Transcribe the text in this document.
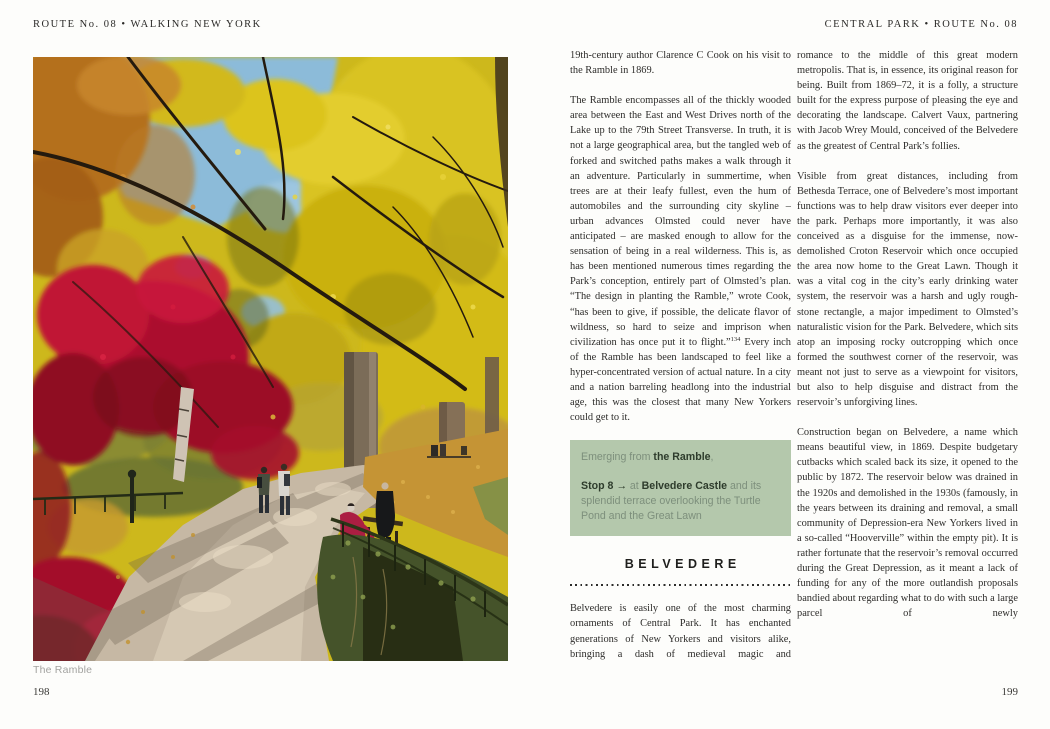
ROUTE No. 08 • WALKING NEW YORK	CENTRAL PARK • ROUTE No. 08
The Ramble
198	199

19th-century author Clarence C Cook on his visit to the Ramble in 1869.

The Ramble encompasses all of the thickly wooded area between the East and West Drives north of the Lake up to the 79th Street Transverse. In truth, it is not a large geographical area, but the tangled web of forked and switched paths makes a walk through it an adventure. Particularly in summertime, when trees are at their leafy fullest, even the hum of automobiles and the surrounding city skyline – urban advances Olmsted could never have anticipated – are masked enough to allow for the sensation of being in a real wilderness. This is, as has been mentioned numerous times regarding the Park’s conception, entirely part of Olmsted’s plan. “The design in planting the Ramble,” wrote Cook, “has been to give, if possible, the delicate flavor of wildness, so hard to seize and imprison when civilization has once put it to flight.”$^{134}$ Every inch of the Ramble has been landscaped to feel like a hyper-concentrated version of actual nature. In a city and a nation barreling headlong into the industrial age, this was the closest that many New Yorkers could get to it.

Emerging from the Ramble,

Stop 8 → at Belvedere Castle and its splendid terrace overlooking the Turtle Pond and the Great Lawn

BELVEDERE

Belvedere is easily one of the most charming ornaments of Central Park. It has enchanted generations of New Yorkers and visitors alike, bringing a dash of medieval magic and

romance to the middle of this great modern metropolis. That is, in essence, its original reason for being. Built from 1869–72, it is a folly, a structure built for the express purpose of pleasing the eye and decorating the landscape. Calvert Vaux, partnering with Jacob Wrey Mould, conceived of the Belvedere as the greatest of Central Park’s follies.

Visible from great distances, including from Bethesda Terrace, one of Belvedere’s most important functions was to help draw visitors ever deeper into the park. Perhaps more importantly, it was also conceived as a disguise for the immense, now-demolished Croton Reservoir which once occupied the area now home to the Great Lawn. Though it was a vital cog in the city’s early drinking water system, the reservoir was a harsh and ugly rough-stone rectangle, a major impediment to Olmsted’s naturalistic vision for the Park. Belvedere, which sits atop an imposing rocky outcropping which once formed the southwest corner of the reservoir, was meant not just to serve as a viewpoint for visitors, but also to help disguise and distract from the reservoir’s unforgiving lines.

Construction began on Belvedere, a name which means beautiful view, in 1869. Despite budgetary cutbacks which scaled back its size, it opened to the public by 1872. The reservoir below was drained in the 1920s and demolished in the 1930s (famously, in the years between its draining and removal, a small community of Depression-era New Yorkers lived in a so-called “Hooverville” within the empty pit). It is rather fortunate that the reservoir’s removal occurred during the Great Depression, as it meant a lack of funding for any of the more outlandish proposals bandied about regarding what to do with such a large parcel of newly
